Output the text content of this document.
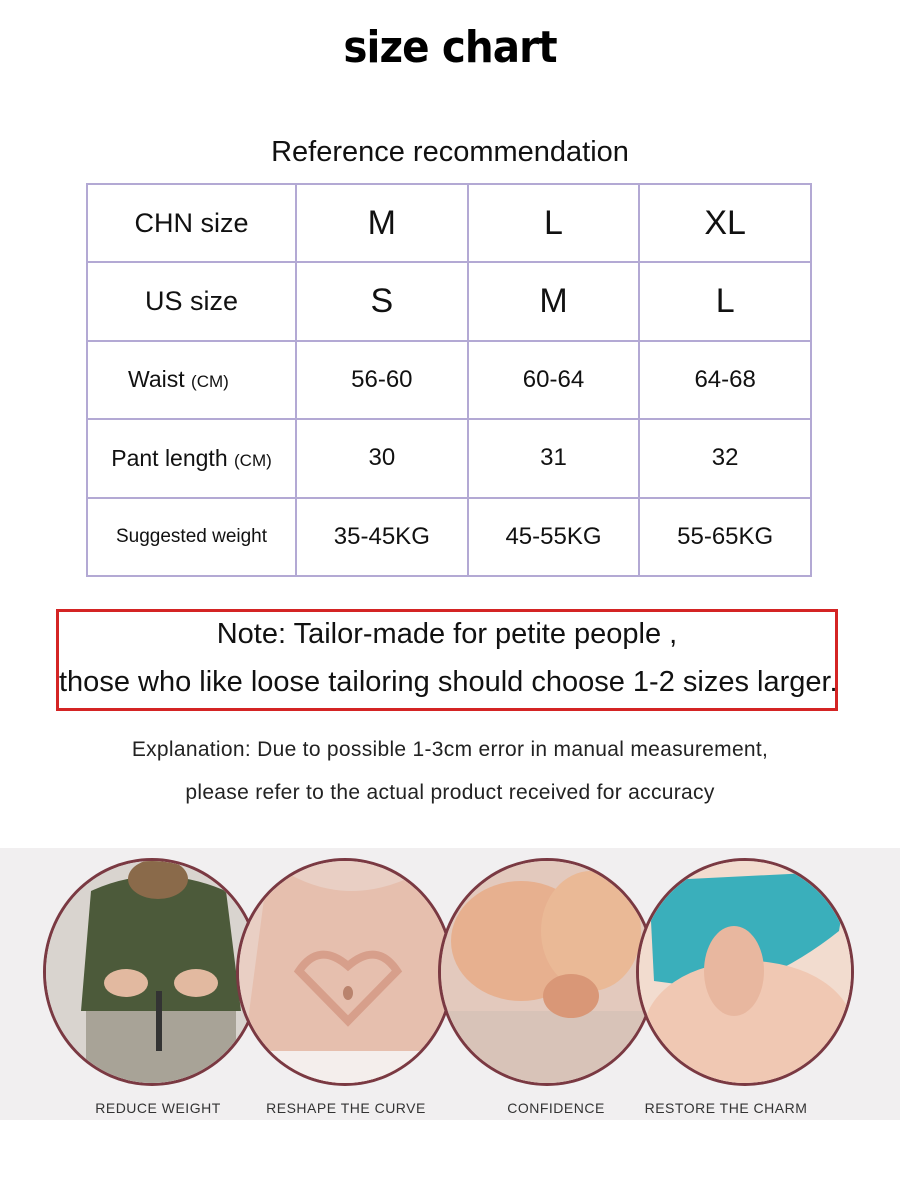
size chart
Reference recommendation
CHN size	M	L	XL
US size	S	M	L
Waist (CM)	56-60	60-64	64-68
Pant length (CM)	30	31	32
Suggested weight	35-45KG	45-55KG	55-65KG
Note: Tailor-made for petite people ,
those who like loose tailoring should choose 1-2 sizes larger.
Explanation: Due to possible 1-3cm error in manual measurement,
please refer to the actual product received for accuracy
REDUCE WEIGHT	RESHAPE THE CURVE	CONFIDENCE	RESTORE THE CHARM
